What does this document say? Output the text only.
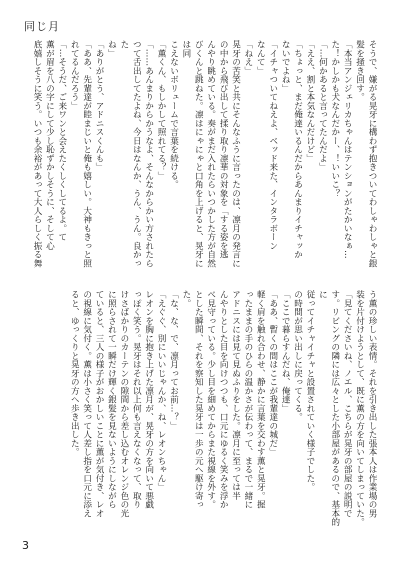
同じ月
そうで、嫌がる晃牙に構わず抱きついてわしゃわしゃと銀
髪を掻き回す。
「本当アンジェリカちゃんはテンションがたかいなぁ…
た！かしかも犬なんだかー、！いいこ？
「…何かあると言ってたんだよ」
「ええ、割と本気なんだけど」
「ちょっと、まだ俺達いるんだからあんまりイチャッか
ないでよね」
「イチャついてねえよ、ベッド来た、インタラボーン
なんて」
「ねえ」
晃牙の苦笑と共にそんなふうに言ったのは、凛月の発言に
の中から飛び出して揉り取り凛華の対象を「する姿を逃
んやり眺めている。奏がまだ入れたらいつかした方が自然
びくんと跳ねた。凛はにゃにゃと口角を上げると、晃牙には同
こえないボリュームで言葉を続ける。
「薫くん、もしかして照れてる？」
「……あんまりからかうなよ、そんなからかい方されたら
つて舌出してたよね、今日はなんか、うん、うん。良かった
ね」
「ありがとう、アドニスくんも」
「ああ、先輩達が睦まじいと俺も嬉しい。大神もきっと照
れてるんだろう」
「…そうだ、ご来ワンと会えたくしくしてるよ。て
薫が眉を八の字にして少し恥ずかしそうに、そして心
底嬉しそうに笑う。いつも余裕があって大人らしく振る舞
う薫の珍しい表情。それを引き出した張本人は作業場の男
装を片付けようとして、既に薫の方を向いてしまっていた。
「見てくださいね、ノエル、こちらが晃牙の部屋の説明で
す。リビングの隣には広々とした小部屋があるので、基本的に
従ってイチャイチャと設置されていく様子でした。
の時間が思い出しに戻ってくる。
「ここで暮らすんだね、俺達」
「ああ、暫くの間はここが我輩達の城だ」
軽く肩を触れ合わせ、静かに言葉を交わす薫と晃牙。握
ったままの手のひらの温かさが伝わって、まるで一緒に
アドニスには見て見ぬふりをした。凛月に至っては半
んやりとした目を向けつつも、口元にゆるく笑みを浮か
べ見守っている。少し目を細めてからまた視線を外す。
とした瞬間、それを察知した晃牙は一歩の元へ駆け寄っ
た。
「な、な、で、凛月ってお前…？」
「えぐぐ、別にいいじゃんか、ね、レオンちゃん」
レオンを胸に抱き上げた凛月が、晃牙の方を向いて悪戯
っぽく笑う。晃牙はそれ以上何も言えなくなって、取り
けさばかりのカーテンの隙間から差し込むオレンジ色の光
に照らされて一瞬だけ輝く銀髪を見ないようにしながら
ていると、三人の様子がおかしいことに薫が気付き、レオ
の視線に気付く。薫は小さく笑って人差し指を口元に添え
ると、ゆっくりと晃牙の方へ歩き出した。
3
